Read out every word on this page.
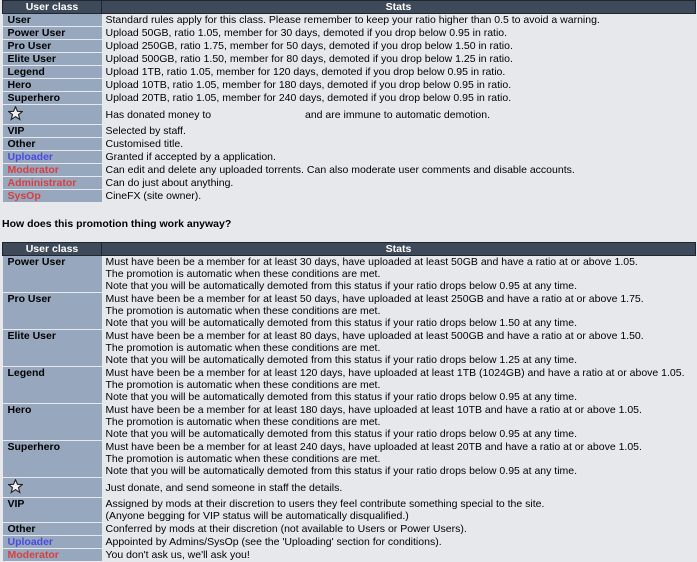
User class	Stats
User	Standard rules apply for this class. Please remember to keep your ratio higher than 0.5 to avoid a warning.
Power User	Upload 50GB, ratio 1.05, member for 30 days, demoted if you drop below 0.95 in ratio.
Pro User	Upload 250GB, ratio 1.75, member for 50 days, demoted if you drop below 1.50 in ratio.
Elite User	Upload 500GB, ratio 1.50, member for 80 days, demoted if you drop below 1.25 in ratio.
Legend	Upload 1TB, ratio 1.05, member for 120 days, demoted if you drop below 0.95 in ratio.
Hero	Upload 10TB, ratio 1.05, member for 180 days, demoted if you drop below 0.95 in ratio.
Superhero	Upload 20TB, ratio 1.05, member for 240 days, demoted if you drop below 0.95 in ratio.
	Has donated money to and are immune to automatic demotion.
VIP	Selected by staff.
Other	Customised title.
Uploader	Granted if accepted by a application.
Moderator	Can edit and delete any uploaded torrents. Can also moderate user comments and disable accounts.
Administrator	Can do just about anything.
SysOp	CineFX (site owner).
How does this promotion thing work anyway?
User class	Stats
Power User	Must have been be a member for at least 30 days, have uploaded at least 50GB and have a ratio at or above 1.05.
The promotion is automatic when these conditions are met.
Note that you will be automatically demoted from this status if your ratio drops below 0.95 at any time.

Pro User	Must have been be a member for at least 50 days, have uploaded at least 250GB and have a ratio at or above 1.75.
The promotion is automatic when these conditions are met.
Note that you will be automatically demoted from this status if your ratio drops below 1.50 at any time.

Elite User	Must have been be a member for at least 80 days, have uploaded at least 500GB and have a ratio at or above 1.50.
The promotion is automatic when these conditions are met.
Note that you will be automatically demoted from this status if your ratio drops below 1.25 at any time.

Legend	Must have been be a member for at least 120 days, have uploaded at least 1TB (1024GB) and have a ratio at or above 1.05.
The promotion is automatic when these conditions are met.
Note that you will be automatically demoted from this status if your ratio drops below 0.95 at any time.

Hero	Must have been be a member for at least 180 days, have uploaded at least 10TB and have a ratio at or above 1.05.
The promotion is automatic when these conditions are met.
Note that you will be automatically demoted from this status if your ratio drops below 0.95 at any time.

Superhero	Must have been be a member for at least 240 days, have uploaded at least 20TB and have a ratio at or above 1.05.
The promotion is automatic when these conditions are met.
Note that you will be automatically demoted from this status if your ratio drops below 0.95 at any time.

	Just donate, and send someone in staff the details.
VIP	Assigned by mods at their discretion to users they feel contribute something special to the site.
(Anyone begging for VIP status will be automatically disqualified.)

Other	Conferred by mods at their discretion (not available to Users or Power Users).
Uploader	Appointed by Admins/SysOp (see the 'Uploading' section for conditions).
Moderator	You don't ask us, we'll ask you!
